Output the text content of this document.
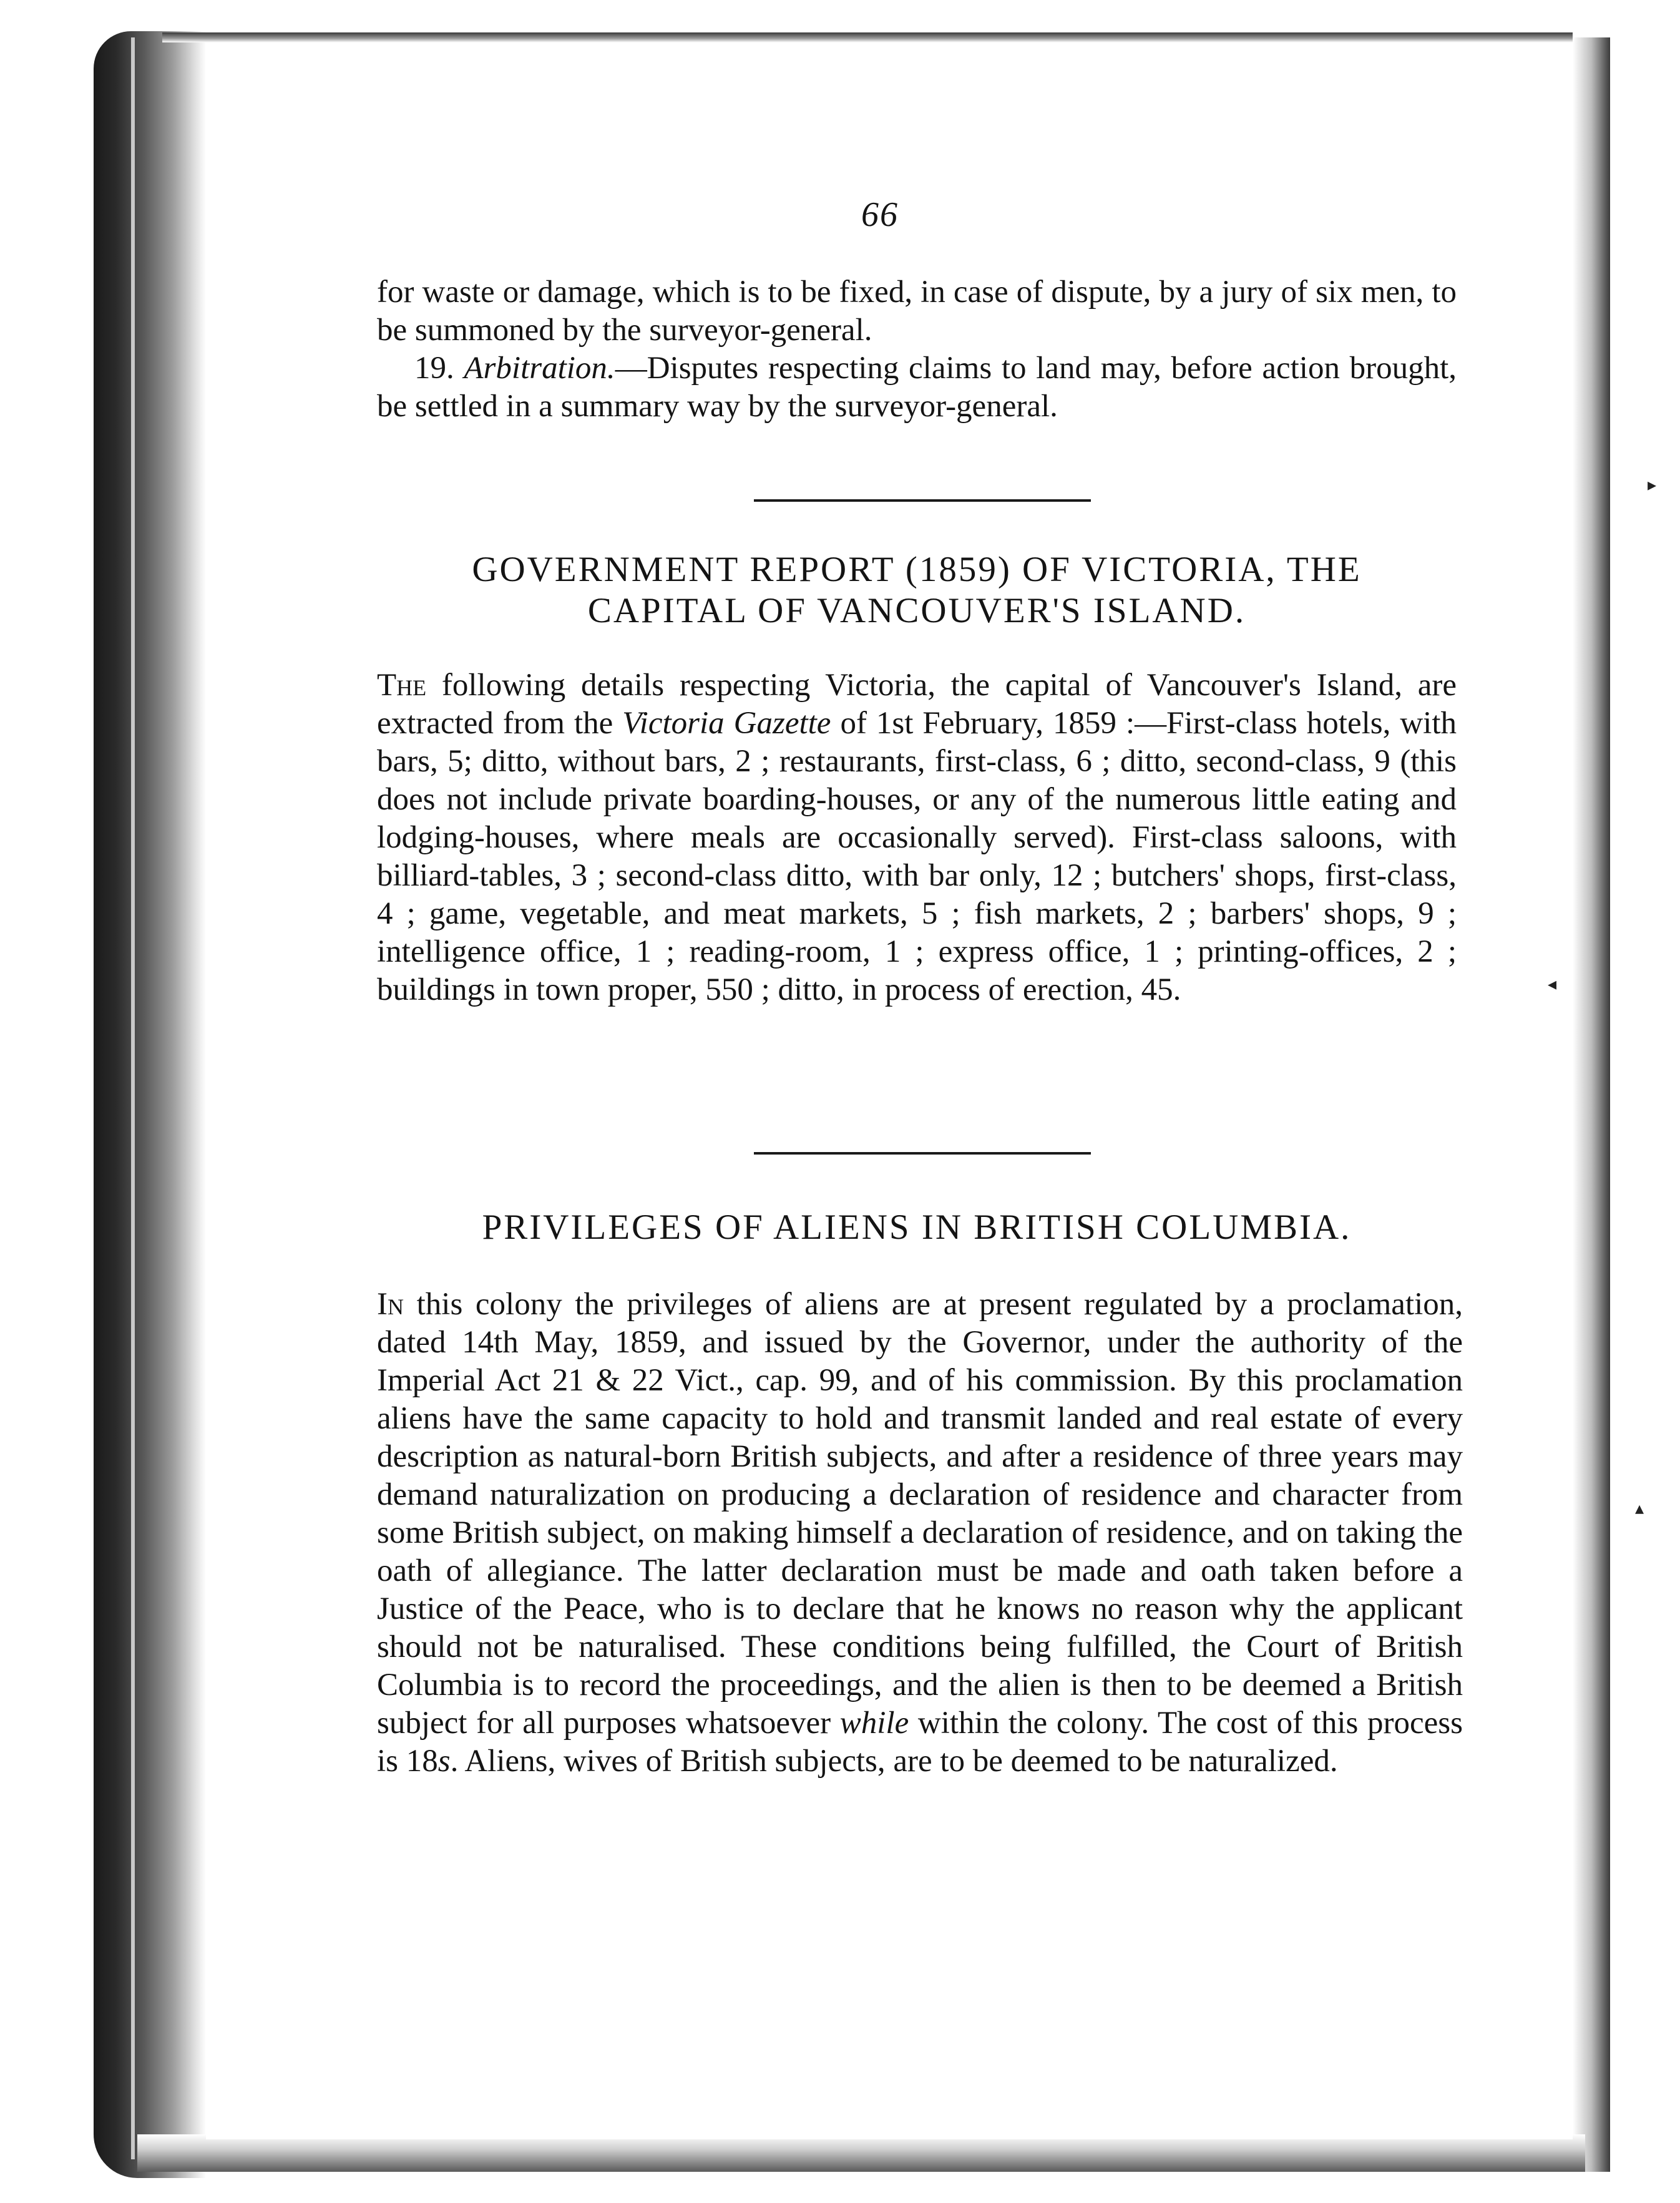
66

for waste or damage, which is to be fixed, in case of dispute, by a jury of six men, to be summoned by the surveyor-general.

19. Arbitration.—Disputes respecting claims to land may, before action brought, be settled in a summary way by the surveyor-general.

GOVERNMENT REPORT (1859) OF VICTORIA, THE
CAPITAL OF VANCOUVER'S ISLAND.

The following details respecting Victoria, the capital of Vancouver's Island, are extracted from the Victoria Gazette of 1st February, 1859 :—First-class hotels, with bars, 5; ditto, without bars, 2 ; restaurants, first-class, 6 ; ditto, second-class, 9 (this does not include private boarding-houses, or any of the numerous little eating and lodging-houses, where meals are occasionally served). First-class saloons, with billiard-tables, 3 ; second-class ditto, with bar only, 12 ; butchers' shops, first-class, 4 ; game, vegetable, and meat markets, 5 ; fish markets, 2 ; barbers' shops, 9 ; intelligence office, 1 ; reading-room, 1 ; express office, 1 ; printing-offices, 2 ; buildings in town proper, 550 ; ditto, in process of erection, 45.

PRIVILEGES OF ALIENS IN BRITISH COLUMBIA.

In this colony the privileges of aliens are at present regulated by a proclamation, dated 14th May, 1859, and issued by the Governor, under the authority of the Imperial Act 21 & 22 Vict., cap. 99, and of his commission. By this proclamation aliens have the same capacity to hold and transmit landed and real estate of every description as natural-born British subjects, and after a residence of three years may demand naturalization on producing a declaration of residence and character from some British subject, on making himself a declaration of residence, and on taking the oath of allegiance. The latter declaration must be made and oath taken before a Justice of the Peace, who is to declare that he knows no reason why the applicant should not be naturalised. These conditions being fulfilled, the Court of British Columbia is to record the proceedings, and the alien is then to be deemed a British subject for all purposes whatsoever while within the colony. The cost of this process is 18s. Aliens, wives of British subjects, are to be deemed to be naturalized.

▸
◂
▴
